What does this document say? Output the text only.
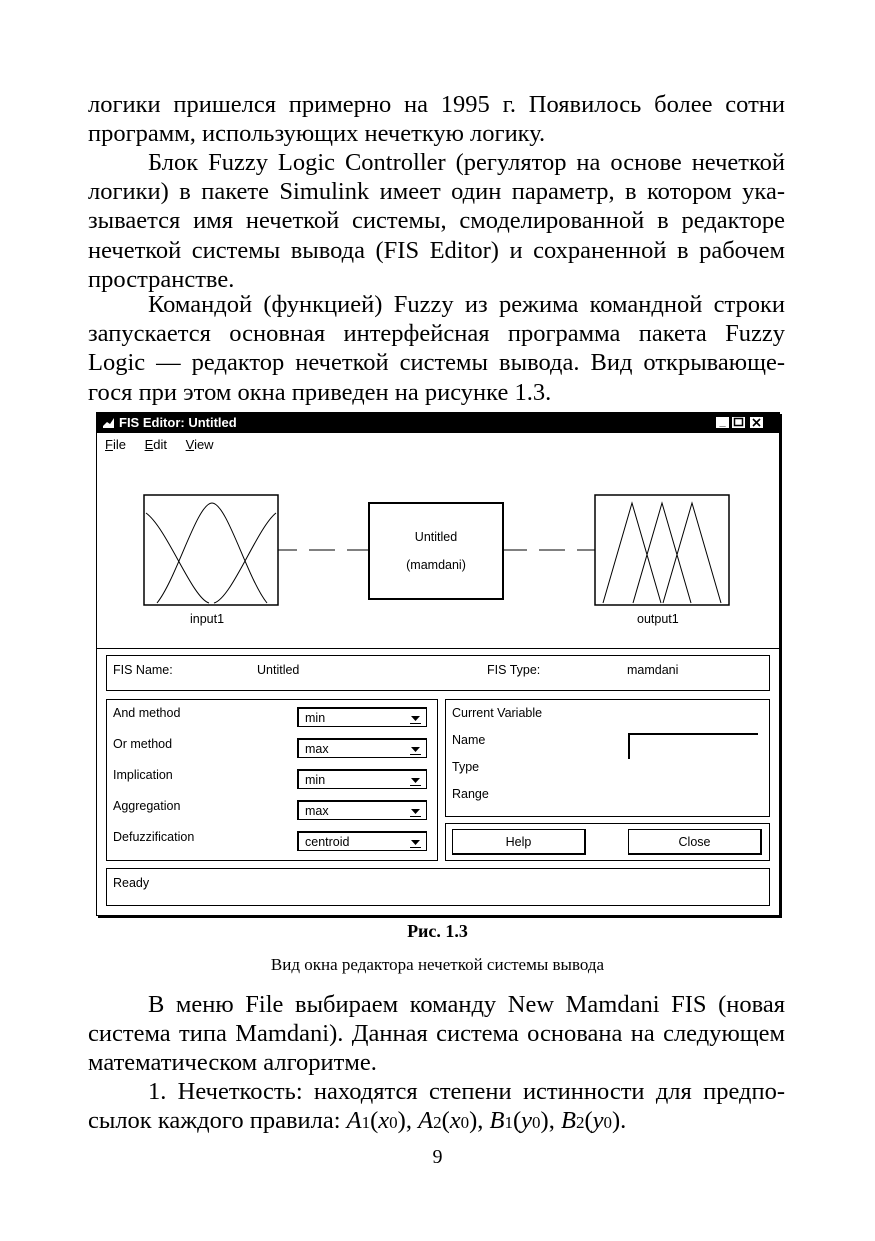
логики пришелся примерно на 1995 г. Появилось более сотни
программ, использующих нечеткую логику.
Блок Fuzzy Logic Controller (регулятор на основе нечеткой
логики) в пакете Simulink имеет один параметр, в котором ука-
зывается имя нечеткой системы, смоделированной в редакторе
нечеткой системы вывода (FIS Editor) и сохраненной в рабочем
пространстве.
Командой (функцией) Fuzzy из режима командной строки
запускается основная интерфейсная программа пакета Fuzzy
Logic — редактор нечеткой системы вывода. Вид открывающе-
гося при этом окна приведен на рисунке 1.3.
FIS Editor: Untitled	_
File Edit View
input1
Untitled
(mamdani)
output1
FIS Name:	Untitled	FIS Type:	mamdani
And method	min
Or method	max
Implication	min
Aggregation	max
Defuzzification	centroid
Current Variable
Name
Type
Range
Help	Close
Ready
Рис. 1.3
Вид окна редактора нечеткой системы вывода
В меню File выбираем команду New Mamdani FIS (новая
система типа Mamdani). Данная система основана на следующем
математическом алгоритме.
1. Нечеткость: находятся степени истинности для предпо-
сылок каждого правила: A1(x0), A2(x0), B1(y0), B2(y0).
9
